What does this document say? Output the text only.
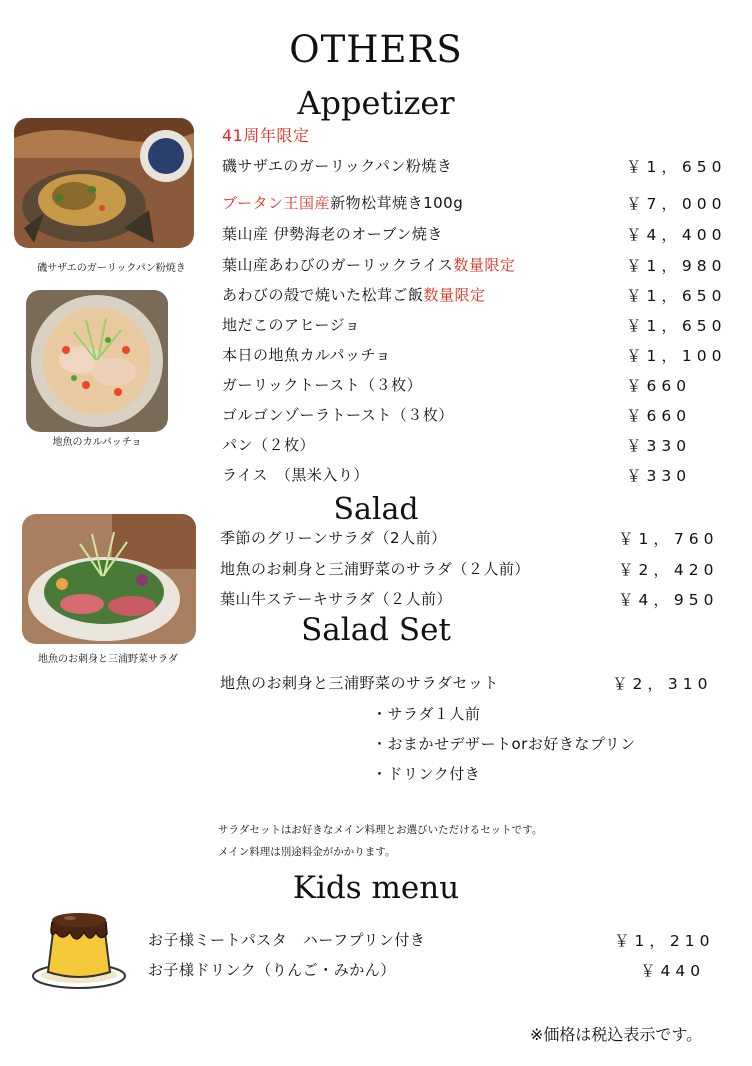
OTHERS
Appetizer
Salad
Salad Set
Kids menu
磯サザエのガーリックパン粉焼き
地魚のカルパッチョ
地魚のお刺身と三浦野菜サラダ
41周年限定
磯サザエのガーリックパン粉焼き	￥1，650
ブータン王国産新物松茸焼き100g	￥7，000
葉山産 伊勢海老のオーブン焼き	￥4，400
葉山産あわびのガーリックライス数量限定	￥1，980
あわびの殻で焼いた松茸ご飯数量限定	￥1，650
地だこのアヒージョ	￥1，650
本日の地魚カルパッチョ	￥1，100
ガーリックトースト（３枚）	￥660
ゴルゴンゾーラトースト（３枚）	￥660
パン（２枚）	￥330
ライス　（黒米入り）	￥330
季節のグリーンサラダ（2人前）	￥1，760
地魚のお刺身と三浦野菜のサラダ（２人前）	￥2，420
葉山牛ステーキサラダ（２人前）	￥4，950
地魚のお刺身と三浦野菜のサラダセット	￥2，310
・サラダ１人前
・おまかせデザートorお好きなプリン
・ドリンク付き
サラダセットはお好きなメイン料理とお選びいただけるセットです。
メイン料理は別途料金がかかります。
お子様ミートパスタ　ハーフプリン付き	￥1，210
お子様ドリンク（りんご・みかん）	￥440
※価格は税込表示です。
